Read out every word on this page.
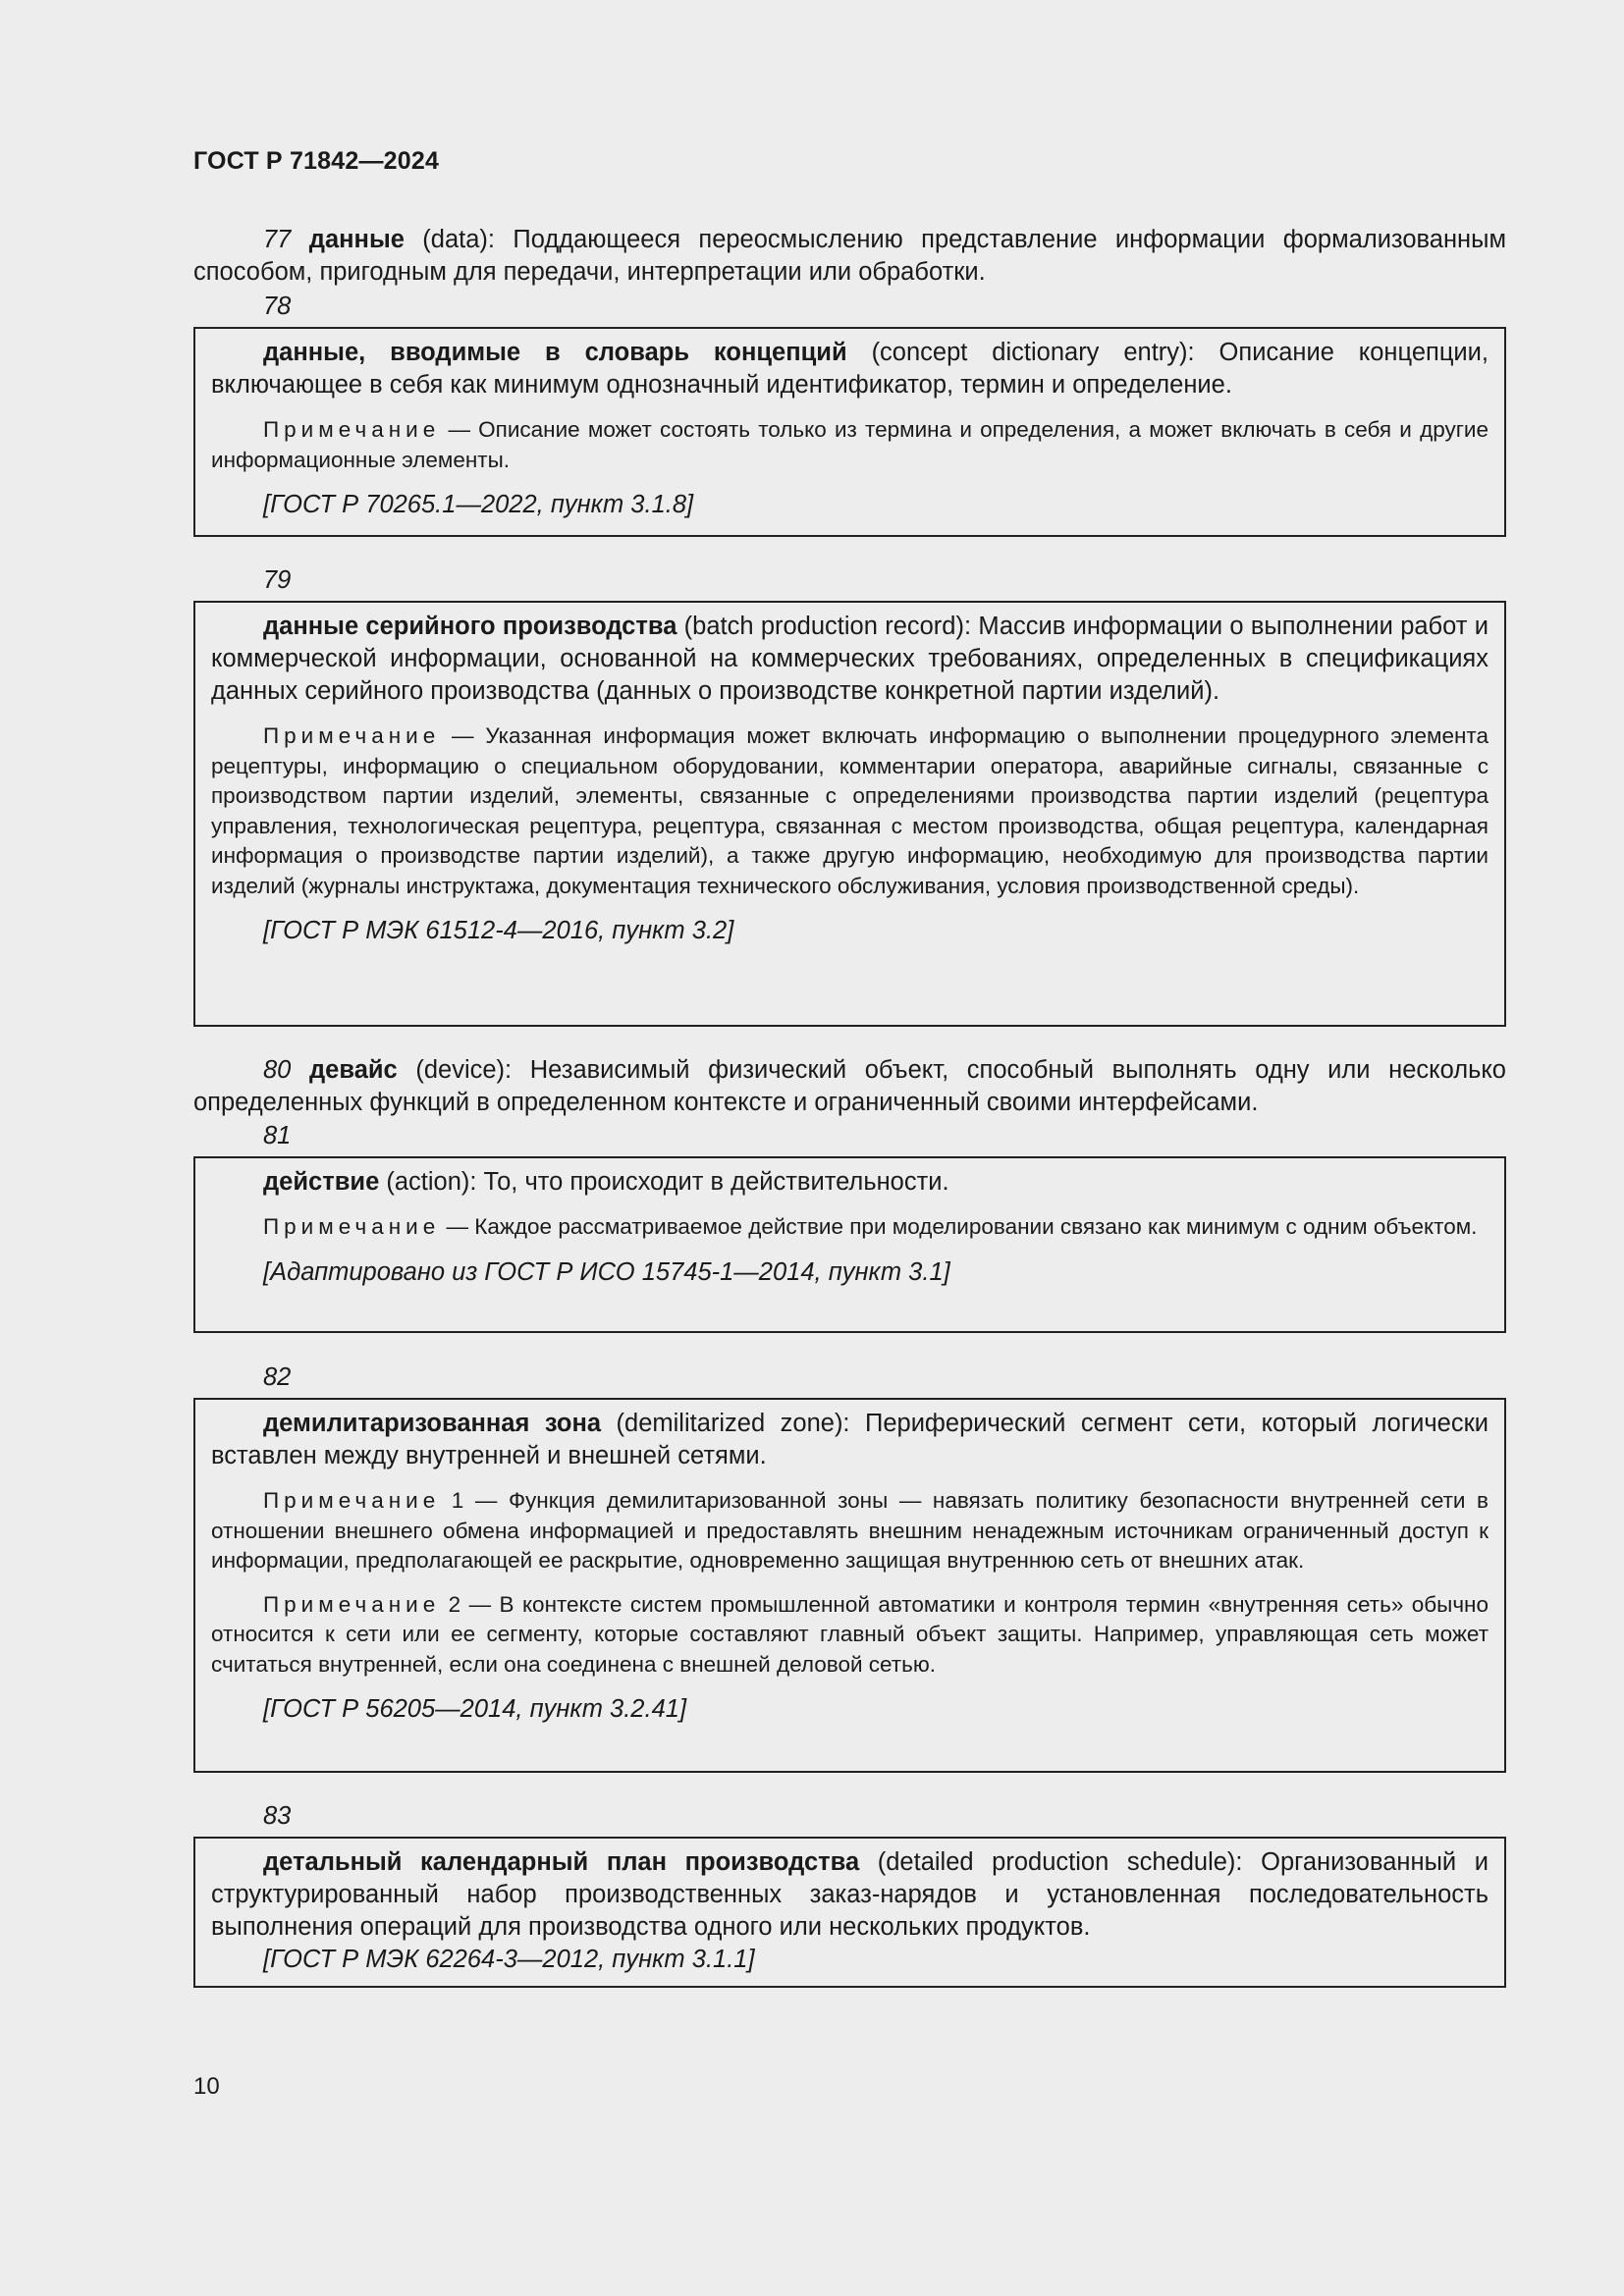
ГОСТ Р 71842—2024
77 данные (data): Поддающееся переосмыслению представление информации формализованным способом, пригодным для передачи, интерпретации или обработки.
78

данные, вводимые в словарь концепций (concept dictionary entry): Описание концепции, включающее в себя как минимум однозначный идентификатор, термин и определение.

Примечание — Описание может состоять только из термина и определения, а может включать в себя и другие информационные элементы.

[ГОСТ Р 70265.1—2022, пункт 3.1.8]

79

данные серийного производства (batch production record): Массив информации о выполнении работ и коммерческой информации, основанной на коммерческих требованиях, определенных в спецификациях данных серийного производства (данных о производстве конкретной партии изделий).

Примечание — Указанная информация может включать информацию о выполнении процедурного элемента рецептуры, информацию о специальном оборудовании, комментарии оператора, аварийные сигналы, связанные с производством партии изделий, элементы, связанные с определениями производства партии изделий (рецептура управления, технологическая рецептура, рецептура, связанная с местом производства, общая рецептура, календарная информация о производстве партии изделий), а также другую информацию, необходимую для производства партии изделий (журналы инструктажа, документация технического обслуживания, условия производственной среды).

[ГОСТ Р МЭК 61512-4—2016, пункт 3.2]

80 девайс (device): Независимый физический объект, способный выполнять одну или несколько определенных функций в определенном контексте и ограниченный своими интерфейсами.
81

действие (action): То, что происходит в действительности.

Примечание — Каждое рассматриваемое действие при моделировании связано как минимум с одним объектом.

[Адаптировано из ГОСТ Р ИСО 15745-1—2014, пункт 3.1]

82

демилитаризованная зона (demilitarized zone): Периферический сегмент сети, который логически вставлен между внутренней и внешней сетями.

Примечание 1 — Функция демилитаризованной зоны — навязать политику безопасности внутренней сети в отношении внешнего обмена информацией и предоставлять внешним ненадежным источникам ограниченный доступ к информации, предполагающей ее раскрытие, одновременно защищая внутреннюю сеть от внешних атак.

Примечание 2 — В контексте систем промышленной автоматики и контроля термин «внутренняя сеть» обычно относится к сети или ее сегменту, которые составляют главный объект защиты. Например, управляющая сеть может считаться внутренней, если она соединена с внешней деловой сетью.

[ГОСТ Р 56205—2014, пункт 3.2.41]

83

детальный календарный план производства (detailed production schedule): Организованный и структурированный набор производственных заказ-нарядов и установленная последовательность выполнения операций для производства одного или нескольких продуктов.

[ГОСТ Р МЭК 62264-3—2012, пункт 3.1.1]

10
